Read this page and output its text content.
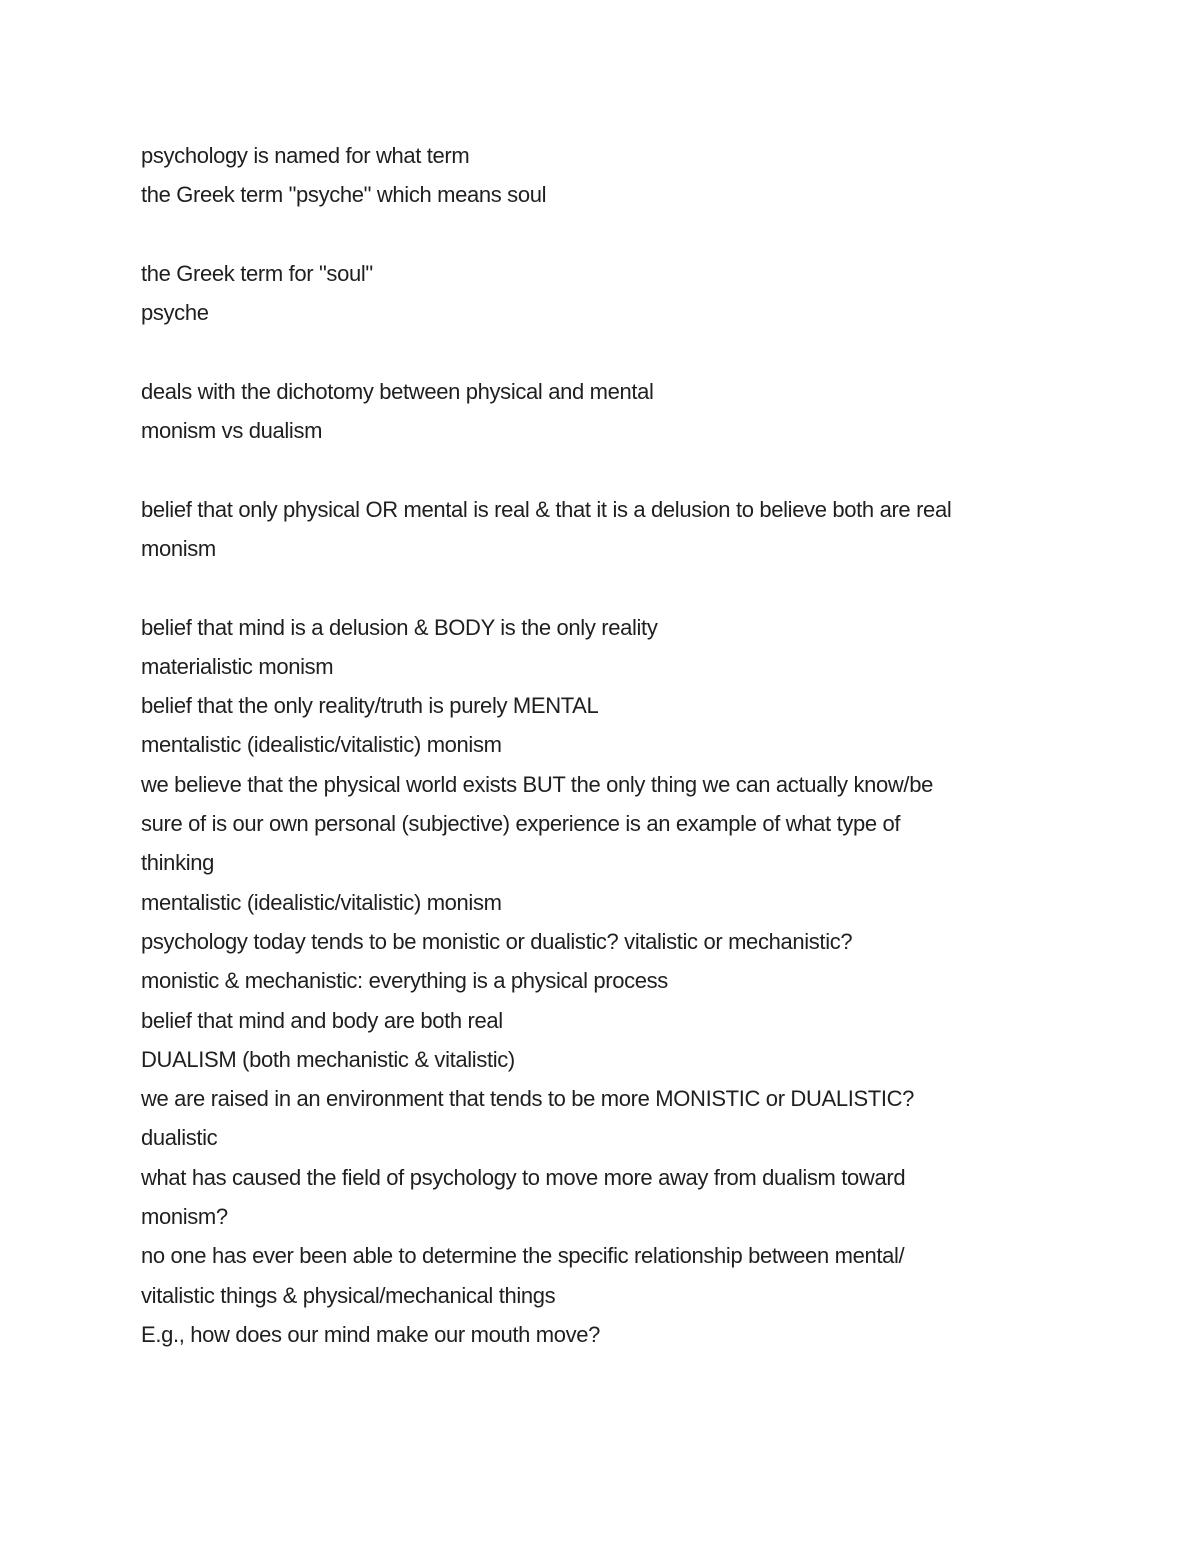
psychology is named for what term
the Greek term "psyche" which means soul
the Greek term for "soul"
psyche
deals with the dichotomy between physical and mental
monism vs dualism
belief that only physical OR mental is real & that it is a delusion to believe both are real
monism
belief that mind is a delusion & BODY is the only reality
materialistic monism
belief that the only reality/truth is purely MENTAL
mentalistic (idealistic/vitalistic) monism
we believe that the physical world exists BUT the only thing we can actually know/be
sure of is our own personal (subjective) experience is an example of what type of
thinking
mentalistic (idealistic/vitalistic) monism
psychology today tends to be monistic or dualistic? vitalistic or mechanistic?
monistic & mechanistic: everything is a physical process
belief that mind and body are both real
DUALISM (both mechanistic & vitalistic)
we are raised in an environment that tends to be more MONISTIC or DUALISTIC?
dualistic
what has caused the field of psychology to move more away from dualism toward
monism?
no one has ever been able to determine the specific relationship between mental/
vitalistic things & physical/mechanical things
E.g., how does our mind make our mouth move?
